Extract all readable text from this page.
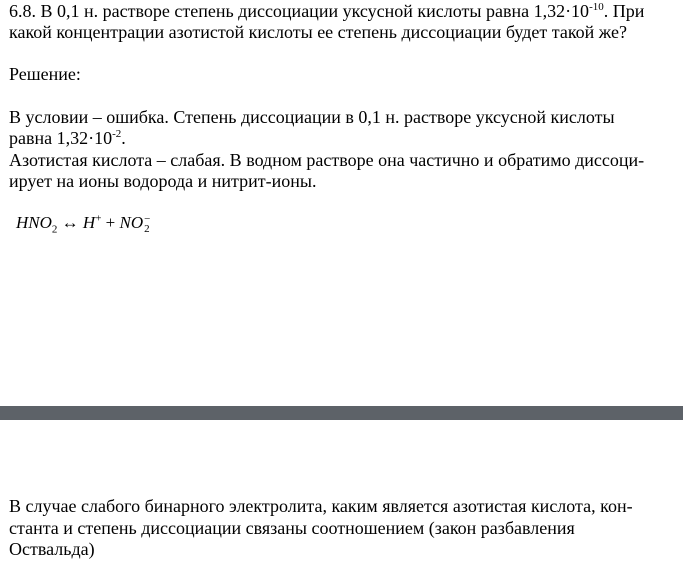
6.8. В 0,1 н. растворе степень диссоциации уксусной кислоты равна $1,32\cdot 10^{-10}$. При

какой концентрации азотистой кислоты ее степень диссоциации будет такой же?

Решение:

В условии – ошибка. Степень диссоциации в 0,1 н. растворе уксусной кислоты

равна $1,32\cdot 10^{-2}$.

Азотистая кислота – слабая. В водном растворе она частично и обратимо диссоци-

ирует на ионы водорода и нитрит-ионы.

$HNO_2$ ↔ H+ + NO −
2

В случае слабого бинарного электролита, каким является азотистая кислота, кон-

станта и степень диссоциации связаны соотношением (закон разбавления

Оствальда)
